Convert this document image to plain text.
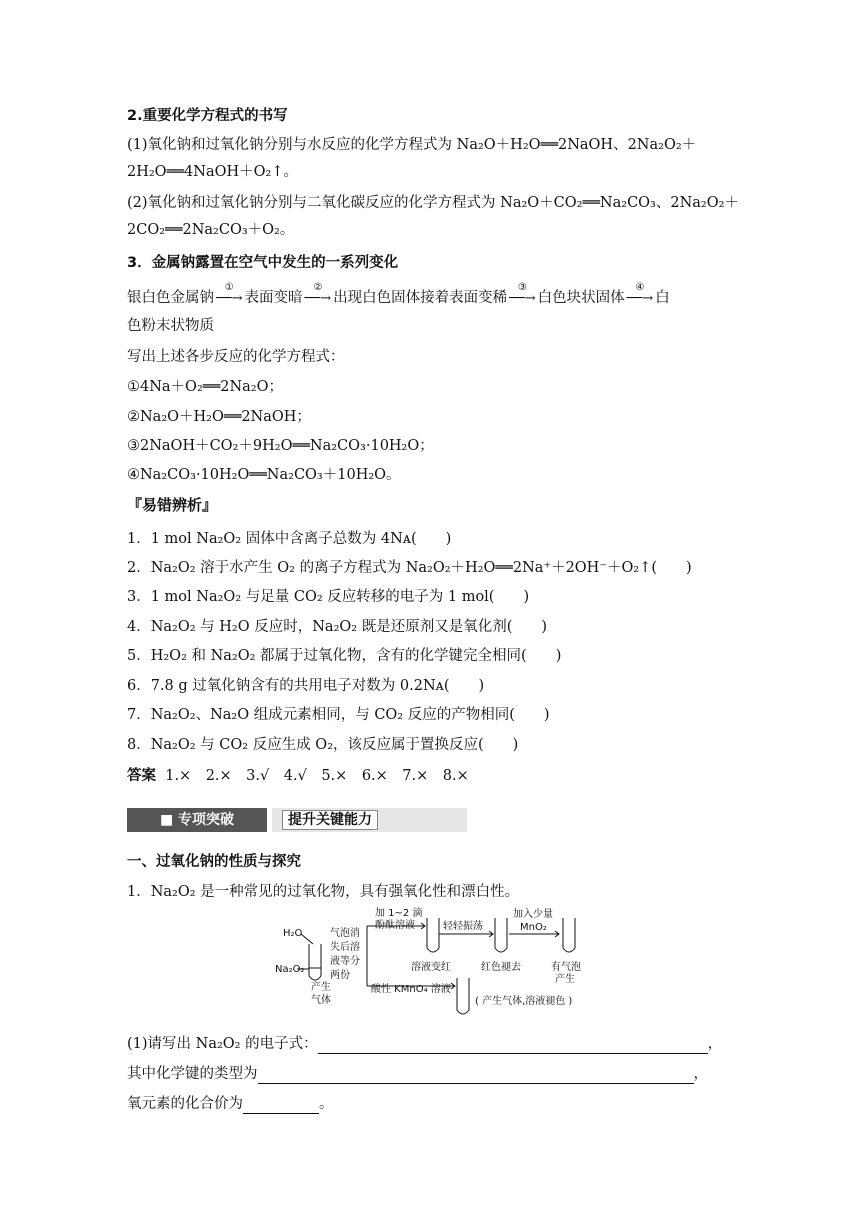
2.重要化学方程式的书写
(1)氧化钠和过氧化钠分别与水反应的化学方程式为 Na₂O＋H₂O══2NaOH、2Na₂O₂＋
2H₂O══4NaOH＋O₂↑。
(2)氧化钠和过氧化钠分别与二氧化碳反应的化学方程式为 Na₂O＋CO₂══Na₂CO₃、2Na₂O₂＋
2CO₂══2Na₂CO₃＋O₂。
3．金属钠露置在空气中发生的一系列变化
银白色金属钠
①
──→ 表面变暗
②
──→ 出现白色固体接着表面变稀
③
──→ 白色块状固体
④
──→ 白
色粉末状物质
写出上述各步反应的化学方程式：
①4Na＋O₂══2Na₂O；
②Na₂O＋H₂O══2NaOH；
③2NaOH＋CO₂＋9H₂O══Na₂CO₃·10H₂O；
④Na₂CO₃·10H₂O══Na₂CO₃＋10H₂O。
『易错辨析』
1．1 mol Na₂O₂ 固体中含离子总数为 4Nᴀ(　　)
2．Na₂O₂ 溶于水产生 O₂ 的离子方程式为 Na₂O₂＋H₂O══2Na⁺＋2OH⁻＋O₂↑(　　)
3．1 mol Na₂O₂ 与足量 CO₂ 反应转移的电子为 1 mol(　　)
4．Na₂O₂ 与 H₂O 反应时，Na₂O₂ 既是还原剂又是氧化剂(　　)
5．H₂O₂ 和 Na₂O₂ 都属于过氧化物，含有的化学键完全相同(　　)
6．7.8 g 过氧化钠含有的共用电子对数为 0.2Nᴀ(　　)
7．Na₂O₂、Na₂O 组成元素相同，与 CO₂ 反应的产物相同(　　)
8．Na₂O₂ 与 CO₂ 反应生成 O₂，该反应属于置换反应(　　)
答案 1.×　2.×　3.√　4.√　5.×　6.×　7.×　8.×
■ 专项突破	提升关键能力
一、过氧化钠的性质与探究
1．Na₂O₂ 是一种常见的过氧化物，具有强氧化性和漂白性。
H₂O
Na₂O₂
产生
气体
气泡消
失后溶
液等分
两份
加 1~2 滴
酚酞溶液	轻轻振荡
加入少量
MnO₂
溶液变红	红色褪去	有气泡
产生
酸性 KMnO₄ 溶液
( 产生气体,溶液褪色 )
(1)请写出 Na₂O₂ 的电子式：	，
其中化学键的类型为	，
氧元素的化合价为	。
